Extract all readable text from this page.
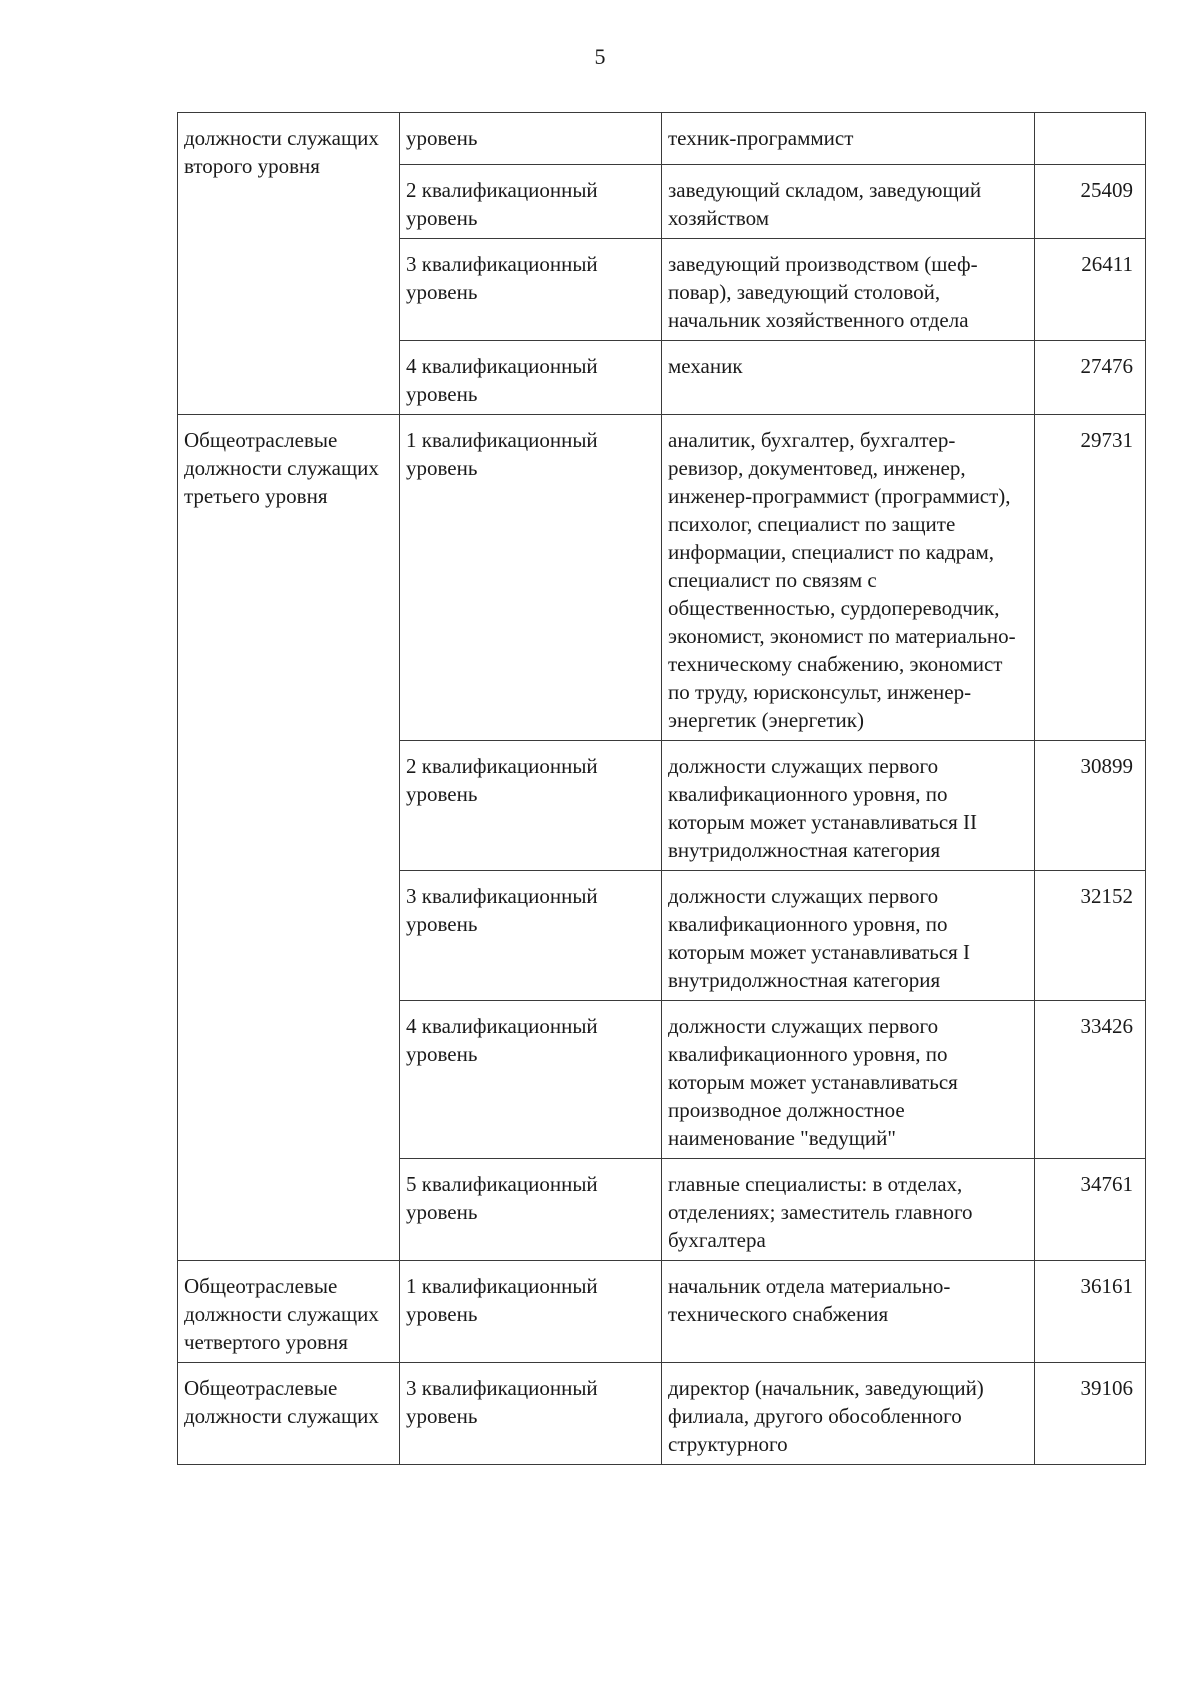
5
должности служащих второго уровня	уровень	техник-программист	
	2 квалификационный уровень	заведующий складом, заведующий хозяйством	25409
	3 квалификационный уровень	заведующий производством (шеф-повар), заведующий столовой, начальник хозяйственного отдела	26411
	4 квалификационный уровень	механик	27476
Общеотраслевые должности служащих третьего уровня	1 квалификационный уровень	аналитик, бухгалтер, бухгалтер-ревизор, документовед, инженер, инженер-программист (программист), психолог, специалист по защите информации, специалист по кадрам, специалист по связям с общественностью, сурдопереводчик, экономист, экономист по материально-техническому снабжению, экономист по труду, юрисконсульт, инженер-энергетик (энергетик)	29731
	2 квалификационный уровень	должности служащих первого квалификационного уровня, по которым может устанавливаться II внутридолжностная категория	30899
	3 квалификационный уровень	должности служащих первого квалификационного уровня, по которым может устанавливаться I внутридолжностная категория	32152
	4 квалификационный уровень	должности служащих первого квалификационного уровня, по которым может устанавливаться производное должностное наименование "ведущий"	33426
	5 квалификационный уровень	главные специалисты: в отделах, отделениях; заместитель главного бухгалтера	34761
Общеотраслевые должности служащих четвертого уровня	1 квалификационный уровень	начальник отдела материально-технического снабжения	36161
Общеотраслевые должности служащих	3 квалификационный уровень	директор (начальник, заведующий) филиала, другого обособленного структурного	39106
